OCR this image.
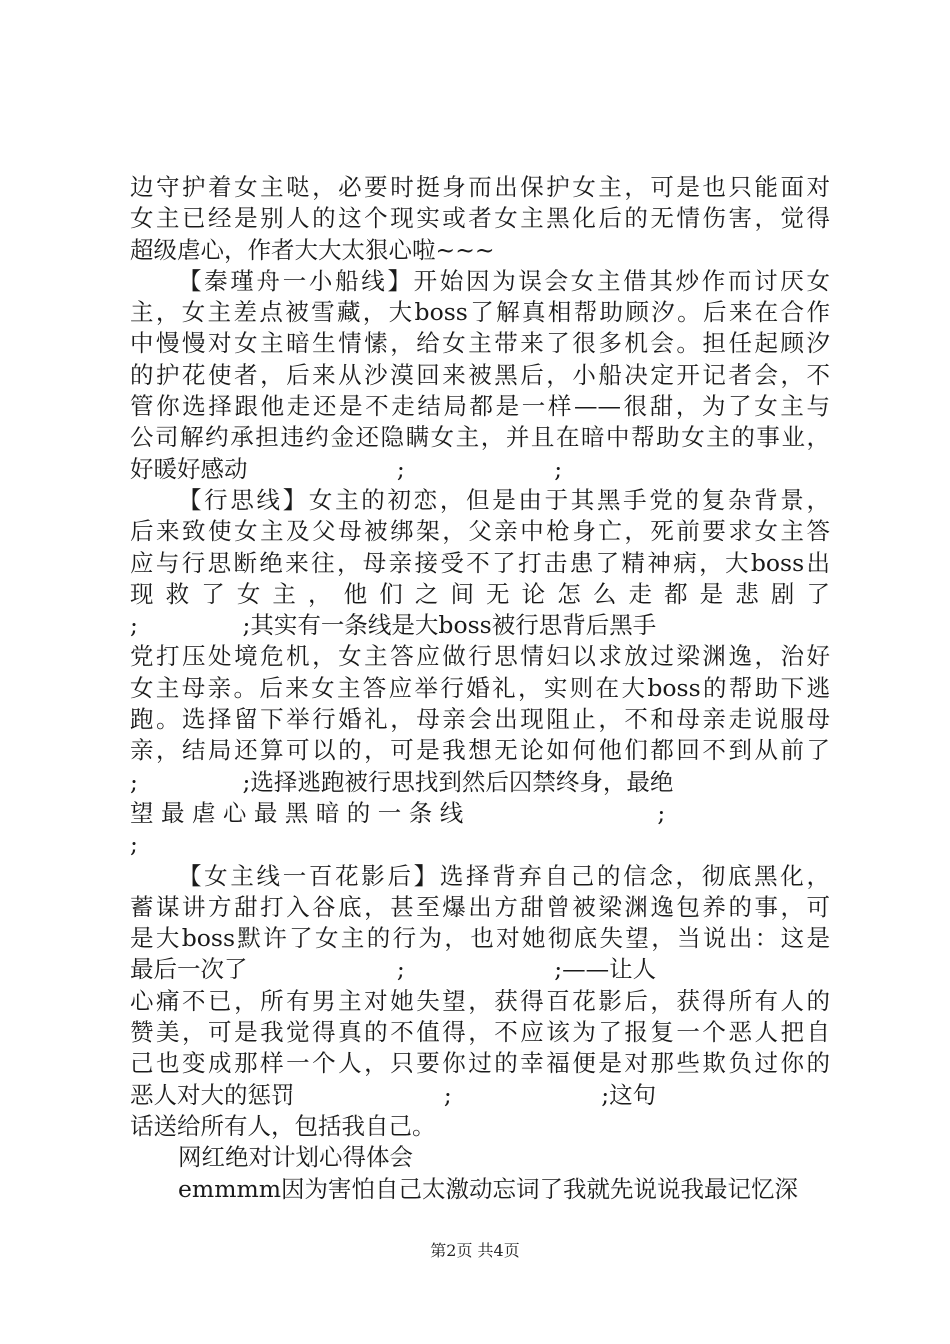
边守护着女主哒，必要时挺身而出保护女主，可是也只能面对
女主已经是别人的这个现实或者女主黑化后的无情伤害，觉得
超级虐心，作者大大太狠心啦~~~
【秦瑾舟一小船线】开始因为误会女主借其炒作而讨厌女
主，女主差点被雪藏，大boss了解真相帮助顾汐。后来在合作
中慢慢对女主暗生情愫，给女主带来了很多机会。担任起顾汐
的护花使者，后来从沙漠回来被黑后，小船决定开记者会，不
管你选择跟他走还是不走结局都是一样——很甜，为了女主与
公司解约承担违约金还隐瞒女主，并且在暗中帮助女主的事业，
好暖好感动                    ;                    ;
【行思线】女主的初恋，但是由于其黑手党的复杂背景，
后来致使女主及父母被绑架，父亲中枪身亡，死前要求女主答
应与行思断绝来往，母亲接受不了打击患了精神病，大boss出
现 救 了 女 主 ， 他 们 之 间 无 论 怎 么 走 都 是 悲 剧 了
;              ;其实有一条线是大boss被行思背后黑手
党打压处境危机，女主答应做行思情妇以求放过梁渊逸，治好
女主母亲。后来女主答应举行婚礼，实则在大boss的帮助下逃
跑。选择留下举行婚礼，母亲会出现阻止，不和母亲走说服母
亲，结局还算可以的，可是我想无论如何他们都回不到从前了
;              ;选择逃跑被行思找到然后囚禁终身，最绝
望 最 虐 心 最 黑 暗 的 一 条 线                          ;
;
【女主线一百花影后】选择背弃自己的信念，彻底黑化，
蓄谋讲方甜打入谷底，甚至爆出方甜曾被梁渊逸包养的事，可
是大boss默许了女主的行为，也对她彻底失望，当说出：这是
最后一次了                    ;                    ;——让人
心痛不已，所有男主对她失望，获得百花影后，获得所有人的
赞美，可是我觉得真的不值得，不应该为了报复一个恶人把自
己也变成那样一个人，只要你过的幸福便是对那些欺负过你的
恶人对大的惩罚                    ;                    ;这句
话送给所有人，包括我自己。
网红绝对计划心得体会
emmmm因为害怕自己太激动忘词了我就先说说我最记忆深
第2页 共4页
